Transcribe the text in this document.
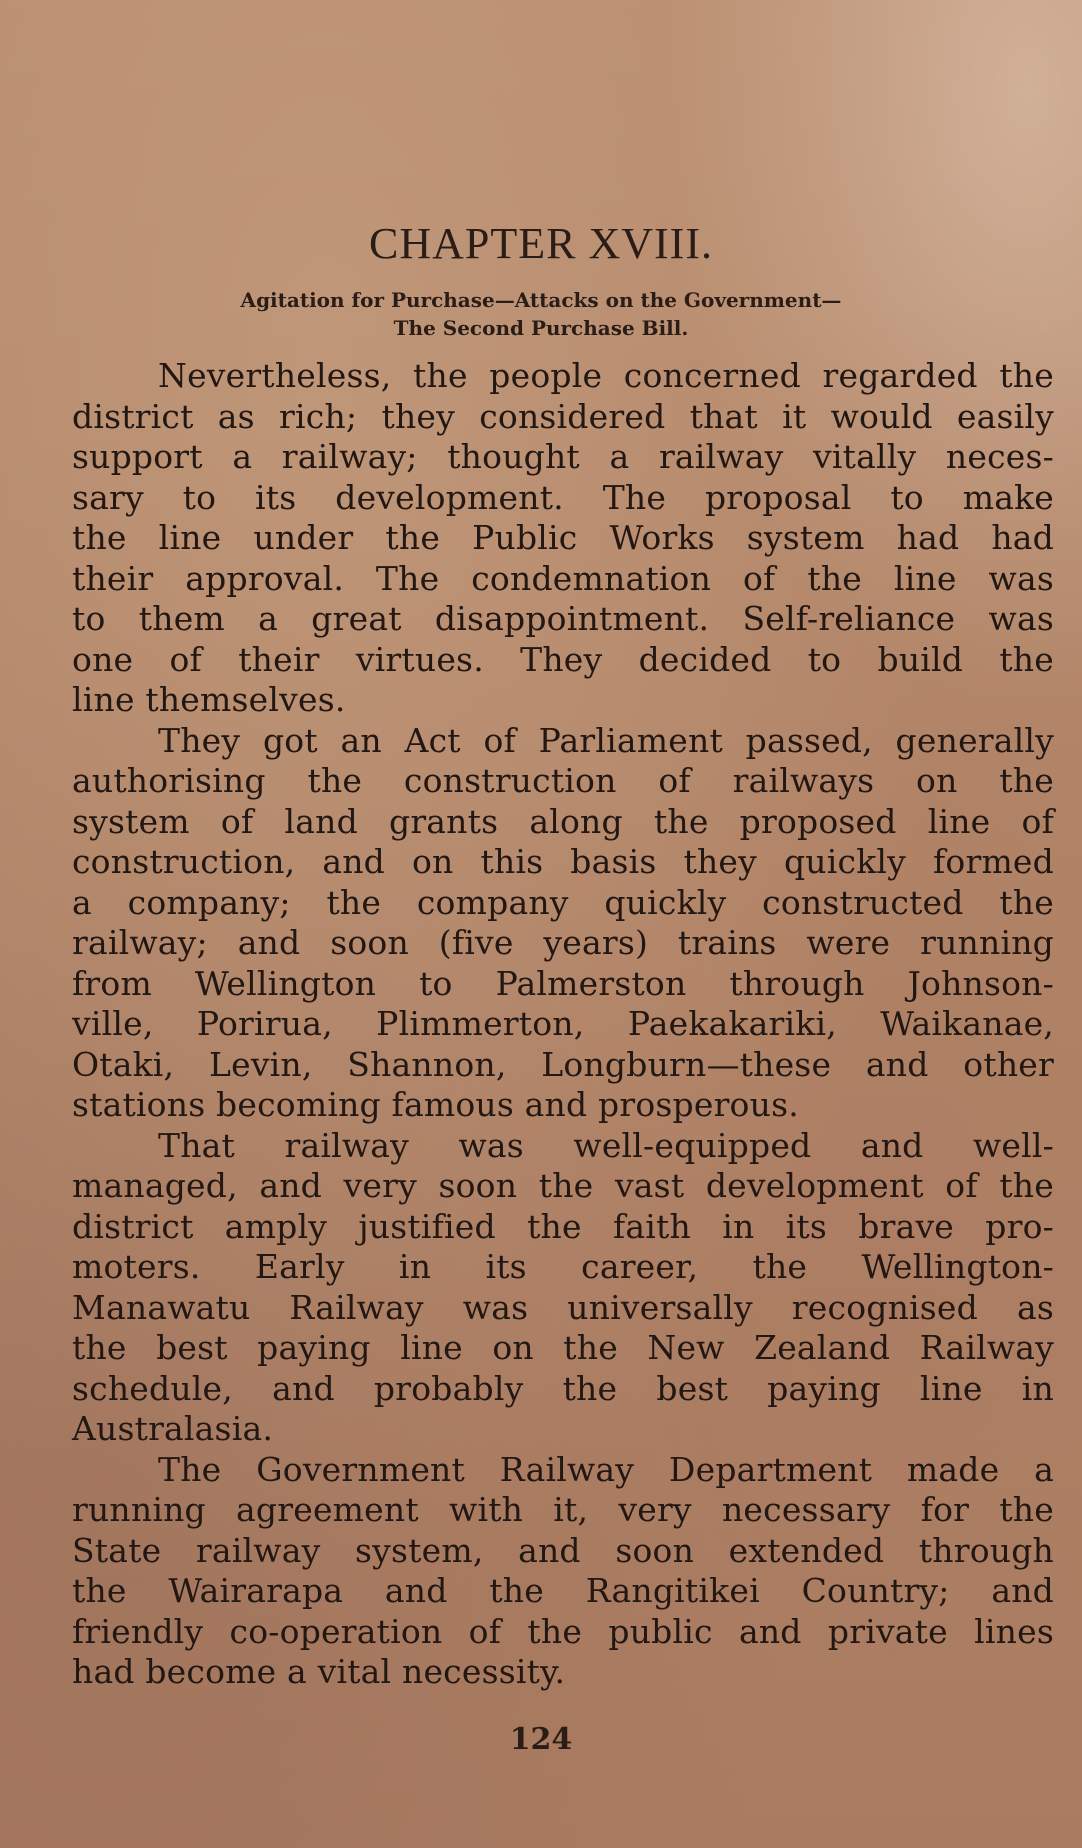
CHAPTER XVIII.
Agitation for Purchase—Attacks on the Government—
The Second Purchase Bill.
Nevertheless, the people concerned regarded the
district as rich; they considered that it would easily
support a railway; thought a railway vitally neces-
sary to its development. The proposal to make
the line under the Public Works system had had
their approval. The condemnation of the line was
to them a great disappointment. Self-reliance was
one of their virtues. They decided to build the
line themselves.
They got an Act of Parliament passed, generally
authorising the construction of railways on the
system of land grants along the proposed line of
construction, and on this basis they quickly formed
a company; the company quickly constructed the
railway; and soon (five years) trains were running
from Wellington to Palmerston through Johnson-
ville, Porirua, Plimmerton, Paekakariki, Waikanae,
Otaki, Levin, Shannon, Longburn—these and other
stations becoming famous and prosperous.
That railway was well-equipped and well-
managed, and very soon the vast development of the
district amply justified the faith in its brave pro-
moters. Early in its career, the Wellington-
Manawatu Railway was universally recognised as
the best paying line on the New Zealand Railway
schedule, and probably the best paying line in
Australasia.
The Government Railway Department made a
running agreement with it, very necessary for the
State railway system, and soon extended through
the Wairarapa and the Rangitikei Country; and
friendly co-operation of the public and private lines
had become a vital necessity.
124
